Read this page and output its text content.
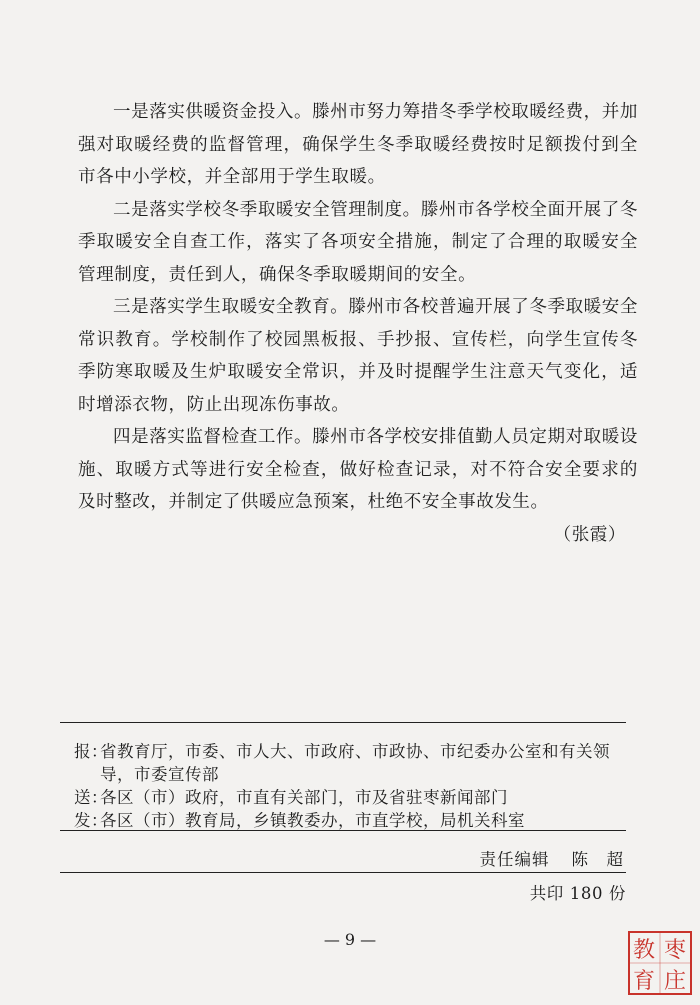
一是落实供暖资金投入。滕州市努力筹措冬季学校取暖经费，并加强对取暖经费的监督管理，确保学生冬季取暖经费按时足额拨付到全市各中小学校，并全部用于学生取暖。

二是落实学校冬季取暖安全管理制度。滕州市各学校全面开展了冬季取暖安全自查工作，落实了各项安全措施，制定了合理的取暖安全管理制度，责任到人，确保冬季取暖期间的安全。

三是落实学生取暖安全教育。滕州市各校普遍开展了冬季取暖安全常识教育。学校制作了校园黑板报、手抄报、宣传栏，向学生宣传冬季防寒取暖及生炉取暖安全常识，并及时提醒学生注意天气变化，适时增添衣物，防止出现冻伤事故。

四是落实监督检查工作。滕州市各学校安排值勤人员定期对取暖设施、取暖方式等进行安全检查，做好检查记录，对不符合安全要求的及时整改，并制定了供暖应急预案，杜绝不安全事故发生。

（张霞）

报：
省教育厅，市委、市人大、市政府、市政协、市纪委办公室和有关领导，市委宣传部
送：
各区（市）政府，市直有关部门，市及省驻枣新闻部门
发：
各区（市）教育局，乡镇教委办，市直学校，局机关科室
责任编辑 陈　超
共印 180 份
— 9 —	枣
庄
教
育
